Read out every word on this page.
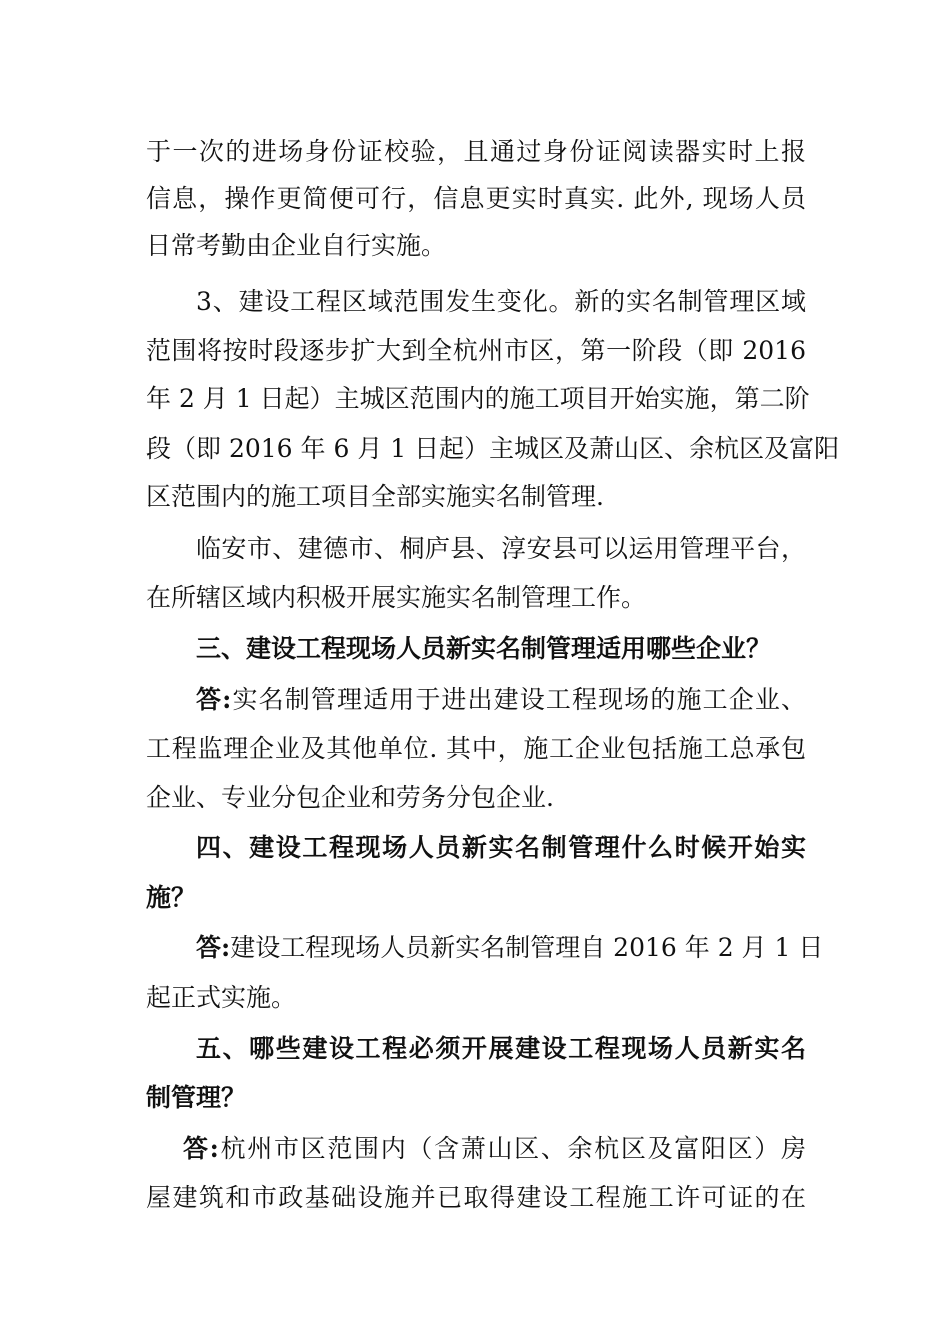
于一次的进场身份证校验，且通过身份证阅读器实时上报
信息，操作更简便可行，信息更实时真实. 此外, 现场人员
日常考勤由企业自行实施。
3、建设工程区域范围发生变化。新的实名制管理区域
范围将按时段逐步扩大到全杭州市区，第一阶段（即 2016
年 2 月 1 日起）主城区范围内的施工项目开始实施，第二阶
段（即 2016 年 6 月 1 日起）主城区及萧山区、余杭区及富阳
区范围内的施工项目全部实施实名制管理.
临安市、建德市、桐庐县、淳安县可以运用管理平台，
在所辖区域内积极开展实施实名制管理工作。
三、建设工程现场人员新实名制管理适用哪些企业？
答:实名制管理适用于进出建设工程现场的施工企业、
工程监理企业及其他单位. 其中，施工企业包括施工总承包
企业、专业分包企业和劳务分包企业.
四、建设工程现场人员新实名制管理什么时候开始实
施？
答:建设工程现场人员新实名制管理自 2016 年 2 月 1 日
起正式实施。
五、哪些建设工程必须开展建设工程现场人员新实名
制管理？
答:杭州市区范围内（含萧山区、余杭区及富阳区）房
屋建筑和市政基础设施并已取得建设工程施工许可证的在
